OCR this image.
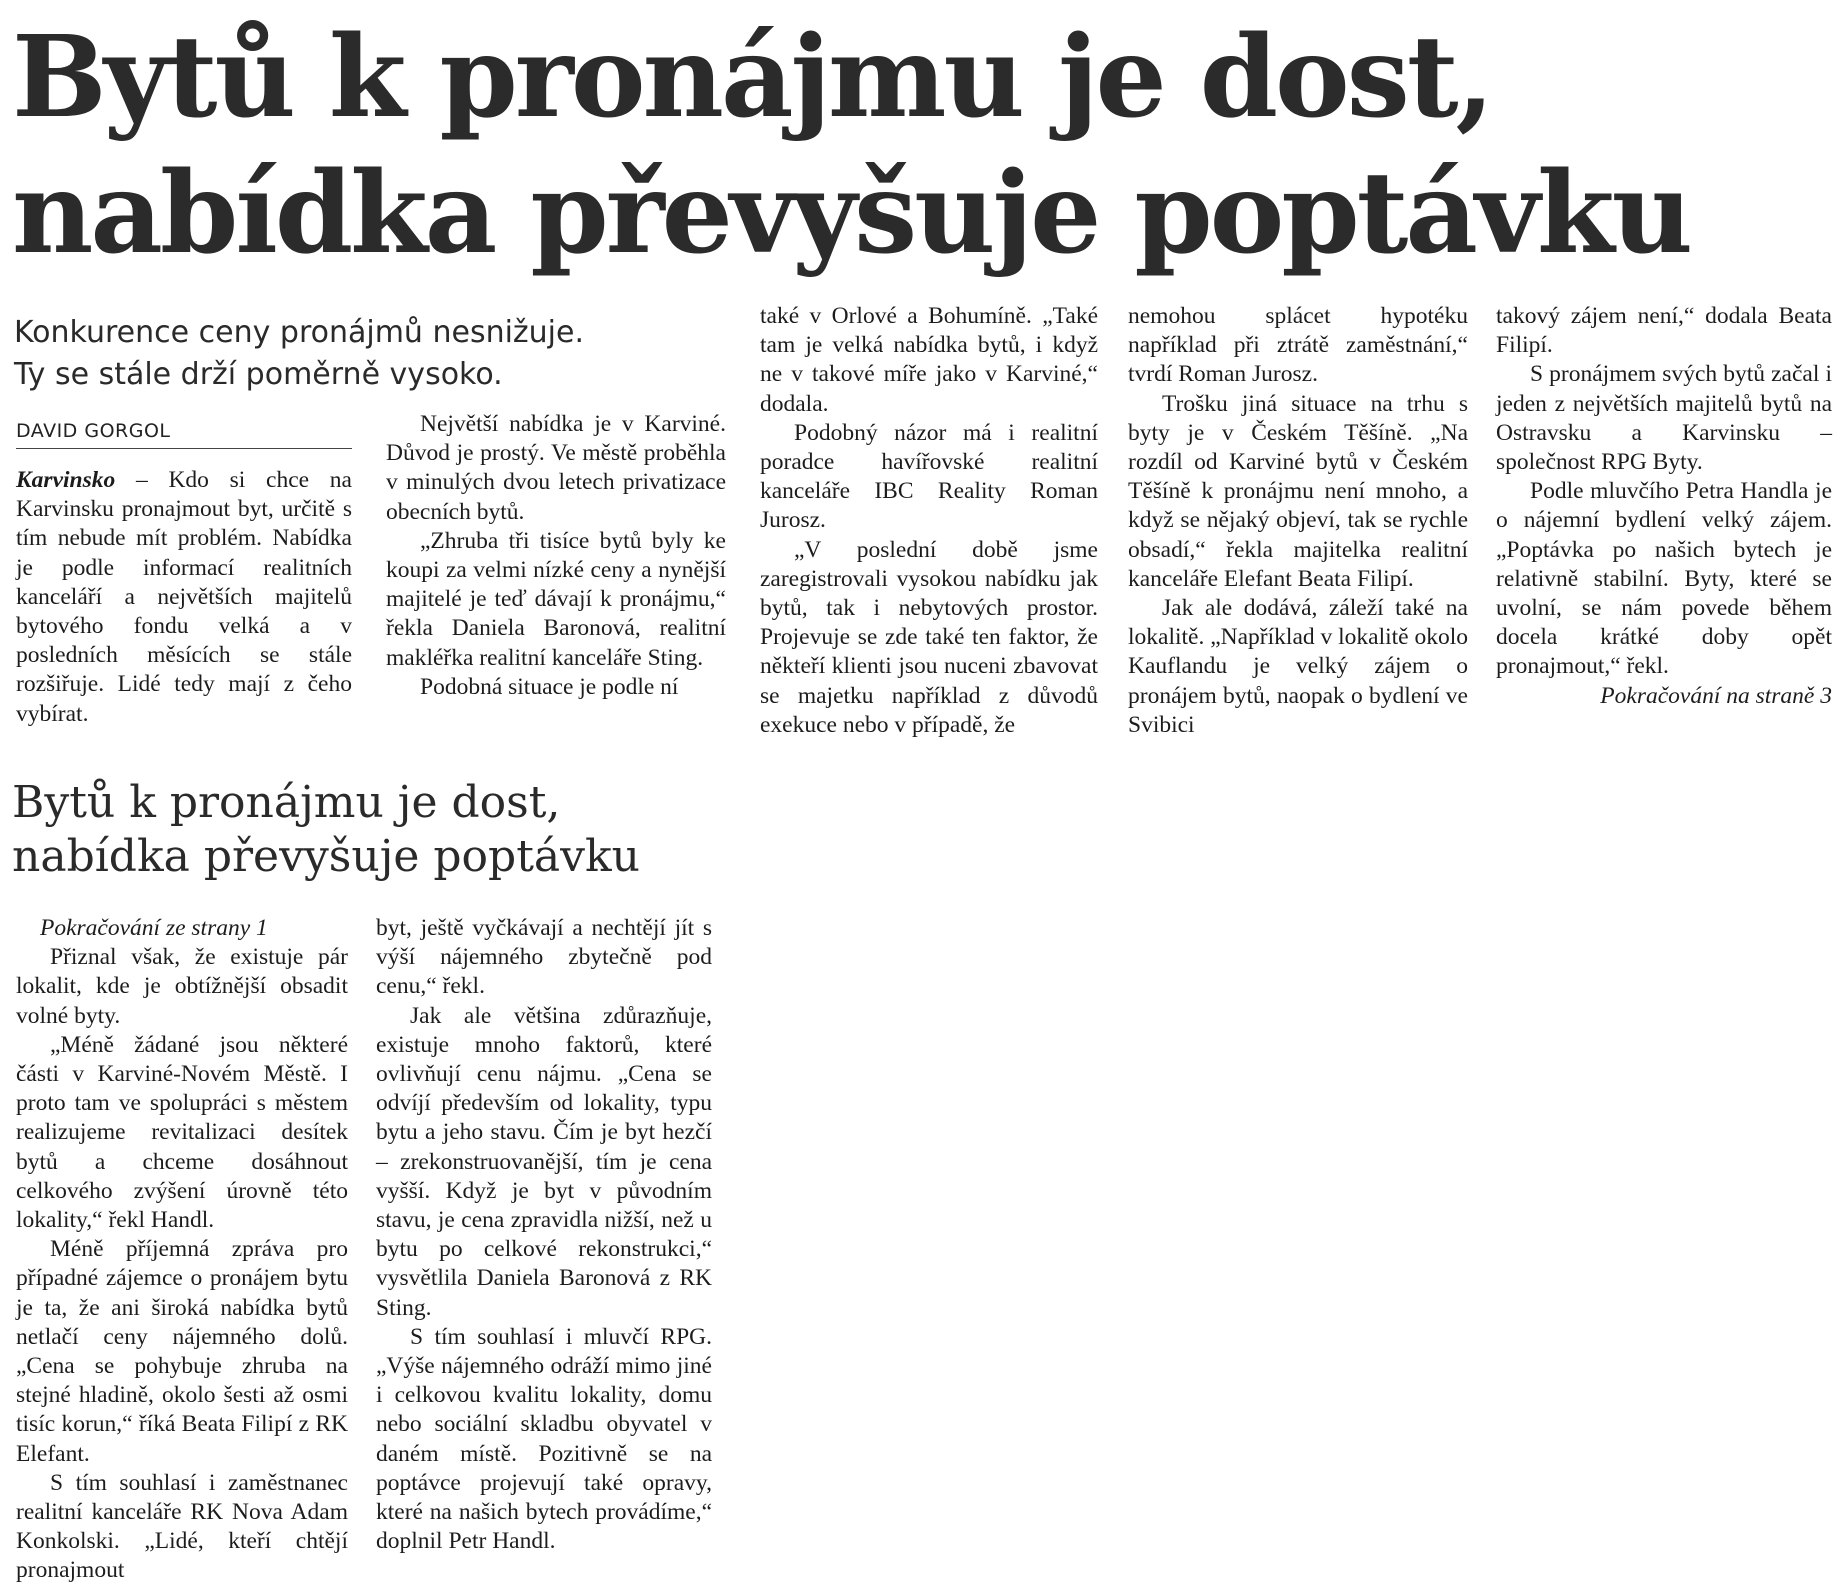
Bytů k pronájmu je dost,
nabídka převyšuje poptávku
Konkurence ceny pronájmů nesnižuje.
Ty se stále drží poměrně vysoko.
DAVID GORGOL

Karvinsko – Kdo si chce na Karvinsku pronajmout byt, určitě s tím nebude mít problém. Nabídka je podle informací realitních kanceláří a největších majitelů bytového fondu velká a v posledních měsících se stále rozšiřuje. Lidé tedy mají z čeho vybírat.

Největší nabídka je v Karviné. Důvod je prostý. Ve městě proběhla v minulých dvou letech privatizace obecních bytů.

„Zhruba tři tisíce bytů byly ke koupi za velmi nízké ceny a nynější majitelé je teď dávají k pronájmu,“ řekla Daniela Baronová, realitní makléřka realitní kanceláře Sting.

Podobná situace je podle ní

také v Orlové a Bohumíně. „Také tam je velká nabídka bytů, i když ne v takové míře jako v Karviné,“ dodala.

Podobný názor má i realitní poradce havířovské realitní kanceláře IBC Reality Roman Jurosz.

„V poslední době jsme zaregistrovali vysokou nabídku jak bytů, tak i nebytových prostor. Projevuje se zde také ten faktor, že někteří klienti jsou nuceni zbavovat se majetku například z důvodů exekuce nebo v případě, že

nemohou splácet hypotéku například při ztrátě zaměstnání,“ tvrdí Roman Jurosz.

Trošku jiná situace na trhu s byty je v Českém Těšíně. „Na rozdíl od Karviné bytů v Českém Těšíně k pronájmu není mnoho, a když se nějaký objeví, tak se rychle obsadí,“ řekla majitelka realitní kanceláře Elefant Beata Filipí.

Jak ale dodává, záleží také na lokalitě. „Například v lokalitě okolo Kauflandu je velký zájem o pronájem bytů, naopak o bydlení ve Svibici

takový zájem není,“ dodala Beata Filipí.

S pronájmem svých bytů začal i jeden z největších majitelů bytů na Ostravsku a Karvinsku – společnost RPG Byty.

Podle mluvčího Petra Handla je o nájemní bydlení velký zájem. „Poptávka po našich bytech je relativně stabilní. Byty, které se uvolní, se nám povede během docela krátké doby opět pronajmout,“ řekl.

Pokračování na straně 3

Bytů k pronájmu je dost,
nabídka převyšuje poptávku

Pokračování ze strany 1

Přiznal však, že existuje pár lokalit, kde je obtížnější obsadit volné byty.

„Méně žádané jsou některé části v Karviné-Novém Městě. I proto tam ve spolupráci s městem realizujeme revitalizaci desítek bytů a chceme dosáhnout celkového zvýšení úrovně této lokality,“ řekl Handl.

Méně příjemná zpráva pro případné zájemce o pronájem bytu je ta, že ani široká nabídka bytů netlačí ceny nájemného dolů. „Cena se pohybuje zhruba na stejné hladině, okolo šesti až osmi tisíc korun,“ říká Beata Filipí z RK Elefant.

S tím souhlasí i zaměstnanec realitní kanceláře RK Nova Adam Konkolski. „Lidé, kteří chtějí pronajmout

byt, ještě vyčkávají a nechtějí jít s výší nájemného zbytečně pod cenu,“ řekl.

Jak ale většina zdůrazňuje, existuje mnoho faktorů, které ovlivňují cenu nájmu. „Cena se odvíjí především od lokality, typu bytu a jeho stavu. Čím je byt hezčí – zrekonstruovanější, tím je cena vyšší. Když je byt v původním stavu, je cena zpravidla nižší, než u bytu po celkové rekonstrukci,“ vysvětlila Daniela Baronová z RK Sting.

S tím souhlasí i mluvčí RPG. „Výše nájemného odráží mimo jiné i celkovou kvalitu lokality, domu nebo sociální skladbu obyvatel v daném místě. Pozitivně se na poptávce projevují také opravy, které na našich bytech provádíme,“ doplnil Petr Handl.
